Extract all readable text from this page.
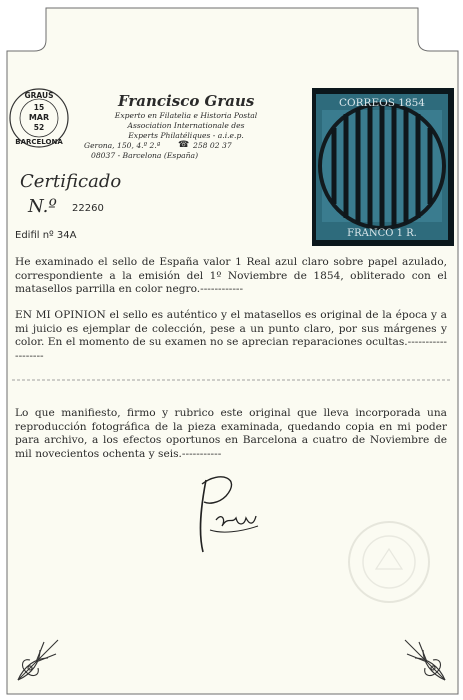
GRAUS
15
MAR
52
BARCELONA
Francisco Graus
Experto en Filatelia e Historia Postal
Association Internationale des
Experts Philatéliques - a.i.e.p.
Gerona, 150, 4.º 2.ª ☎ 258 02 37
08037 - Barcelona (España)
CORREOS 1854
FRANCO 1 R.
Certificado
N.º 22260
Edifil nº 34A
He examinado el sello de España valor 1 Real azul claro sobre papel azulado, correspondiente a la emisión del 1º Noviembre de 1854, obliterado con el matasellos parrilla en color negro.------------
EN MI OPINION el sello es auténtico y el matasellos es original de la época y a mi juicio es ejemplar de colección, pese a un punto claro, por sus márgenes y color. En el momento de su examen no se aprecian reparaciones ocultas.-------------------
Lo que manifiesto, firmo y rubrico este original que lleva incorporada una reproducción fotográfica de la pieza examinada, quedando copia en mi poder para archivo, a los efectos oportunos en Barcelona a cuatro de Noviembre de mil novecientos ochenta y seis.-----------
